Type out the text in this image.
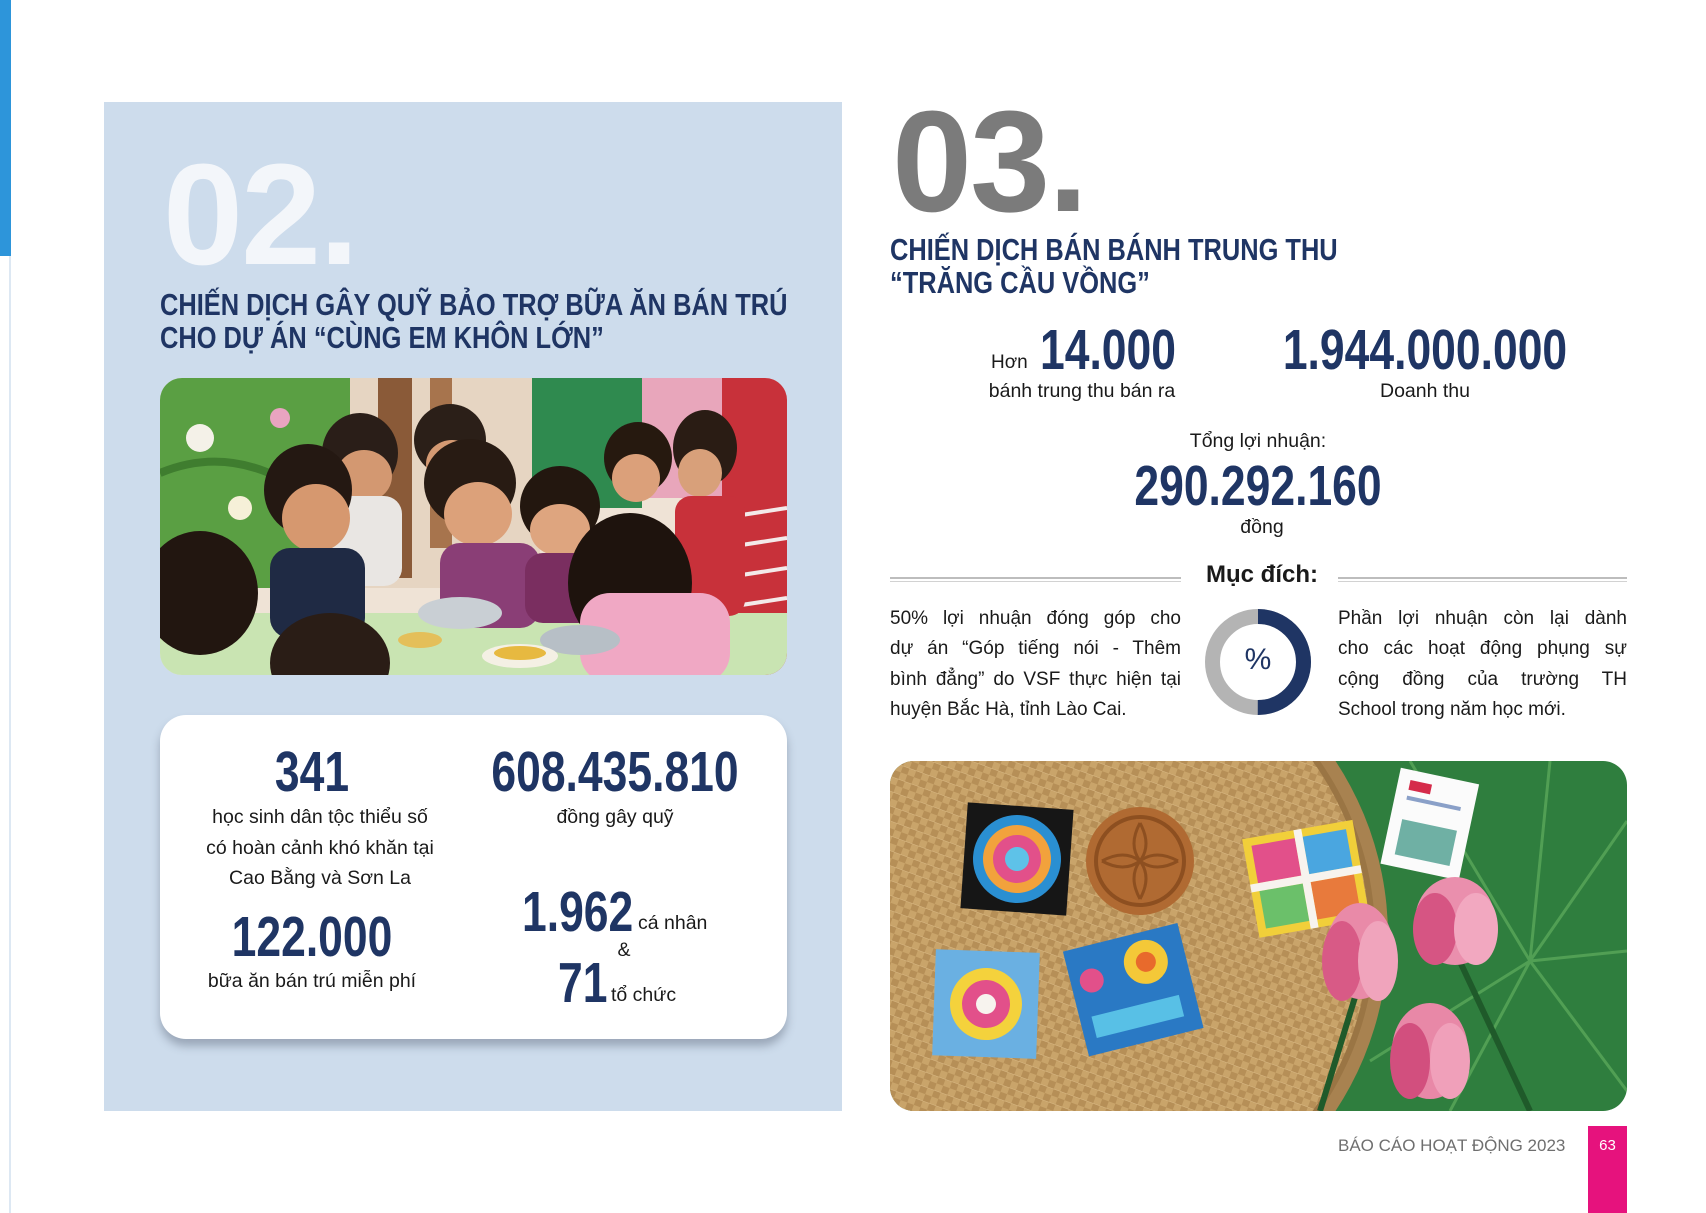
02.
CHIẾN DỊCH GÂY QUỸ BẢO TRỢ BỮA ĂN BÁN TRÚ
CHO DỰ ÁN “CÙNG EM KHÔN LỚN”
341
học sinh dân tộc thiểu số
có hoàn cảnh khó khăn tại
Cao Bằng và Sơn La
608.435.810
đồng gây quỹ
122.000
bữa ăn bán trú miễn phí
1.962 cá nhân
&
71 tổ chức
03.
CHIẾN DỊCH BÁN BÁNH TRUNG THU
“TRĂNG CẦU VỒNG”
Hơn 14.000
bánh trung thu bán ra
1.944.000.000
Doanh thu
Tổng lợi nhuận:
290.292.160
đồng
Mục đích:
50% lợi nhuận đóng góp cho
dự án “Góp tiếng nói - Thêm
bình đẳng” do VSF thực hiện tại
huyện Bắc Hà, tỉnh Lào Cai.
%
Phần lợi nhuận còn lại dành
cho các hoạt động phụng sự
cộng đồng của trường TH
School trong năm học mới.
BÁO CÁO HOẠT ĐỘNG 2023	63
